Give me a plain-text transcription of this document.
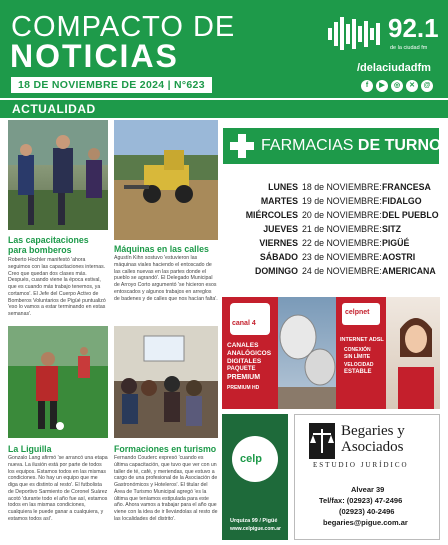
COMPACTO DE
NOTICIAS
18 DE NOVIEMBRE DE 2024 | N°623
92.1
de la ciudad fm
/delaciudadfm
f	▶	◎	✕	@
ACTUALIDAD
Las capacitaciones para bomberos
Roberto Hochler manifestó 'ahora seguimos con las capacitaciones internas. Creo que quedan dos clases más. Después, cuando viene la época estival, que es cuando más trabajo tenemos, ya cortamos'. El Jefe del Cuerpo Activo de Bomberos Voluntarios de Pigüé puntualizó 'eso lo vamos a estar terminando en estas semanas'.
Máquinas en las calles
Agustín Kihn sostuvo 'estuvieron las máquinas viales haciendo el entoscado de las calles nuevas en las partes donde el pueblo se agrandó'. El Delegado Municipal de Arroyo Corto argumentó 'se hicieron esos entoscados y algunos trabajos en arreglos de badenes y de calles que nos hacían falta'.
FARMACIAS DE TURNO
LUNES 18 de NOVIEMBRE: FRANCESA
MARTES 19 de NOVIEMBRE: FIDALGO
MIÉRCOLES 20 de NOVIEMBRE: DEL PUEBLO
JUEVES 21 de NOVIEMBRE: SITZ
VIERNES 22 de NOVIEMBRE: PIGÜÉ
SÁBADO 23 de NOVIEMBRE: AOSTRI
DOMINGO 24 de NOVIEMBRE: AMERICANA
La Liguilla
Gonzalo Lang afirmó 'se arrancó una etapa nueva. La ilusión está por parte de todos los equipos. Estamos todos en las mismas condiciones. No hay un equipo que me diga que es distinto al resto'. El futbolista de Deportivo Sarmiento de Coronel Suárez acotó 'durante todo el año fue así, estamos todos en las mismas condiciones, cualquiera le puede ganar a cualquiera, y estamos todos así'.
Formaciones en turismo
Fernando Couderc expresó 'cuando es última capacitación, que tuvo que ver con un taller de té, café, y meriendas, que estuvo a cargo de una profesional de la Asociación de Gastronómicos y Hoteleros'. El titular del Área de Turismo Municipal agregó 'es la última que teníamos estipulada para este año. Ahora vamos a trabajar para el año que viene con la idea de ir llevándolas al resto de las localidades del distrito'.
canal 4
CANALES
ANALÓGICOS
DIGITALES
PAQUETE
PREMIUM
PREMIUM HD
celpnet
INTERNET ADSL
CONEXIÓN
SIN LÍMITE
VELOCIDAD
ESTABLE
celp
Urquiza 99 / Pigüé
www.celpigue.com.ar
Begaries y
Asociados
ESTUDIO JURÍDICO
Alvear 39
Tel/fax: (02923) 47-2496
(02923) 40-2496
begaries@pigue.com.ar
